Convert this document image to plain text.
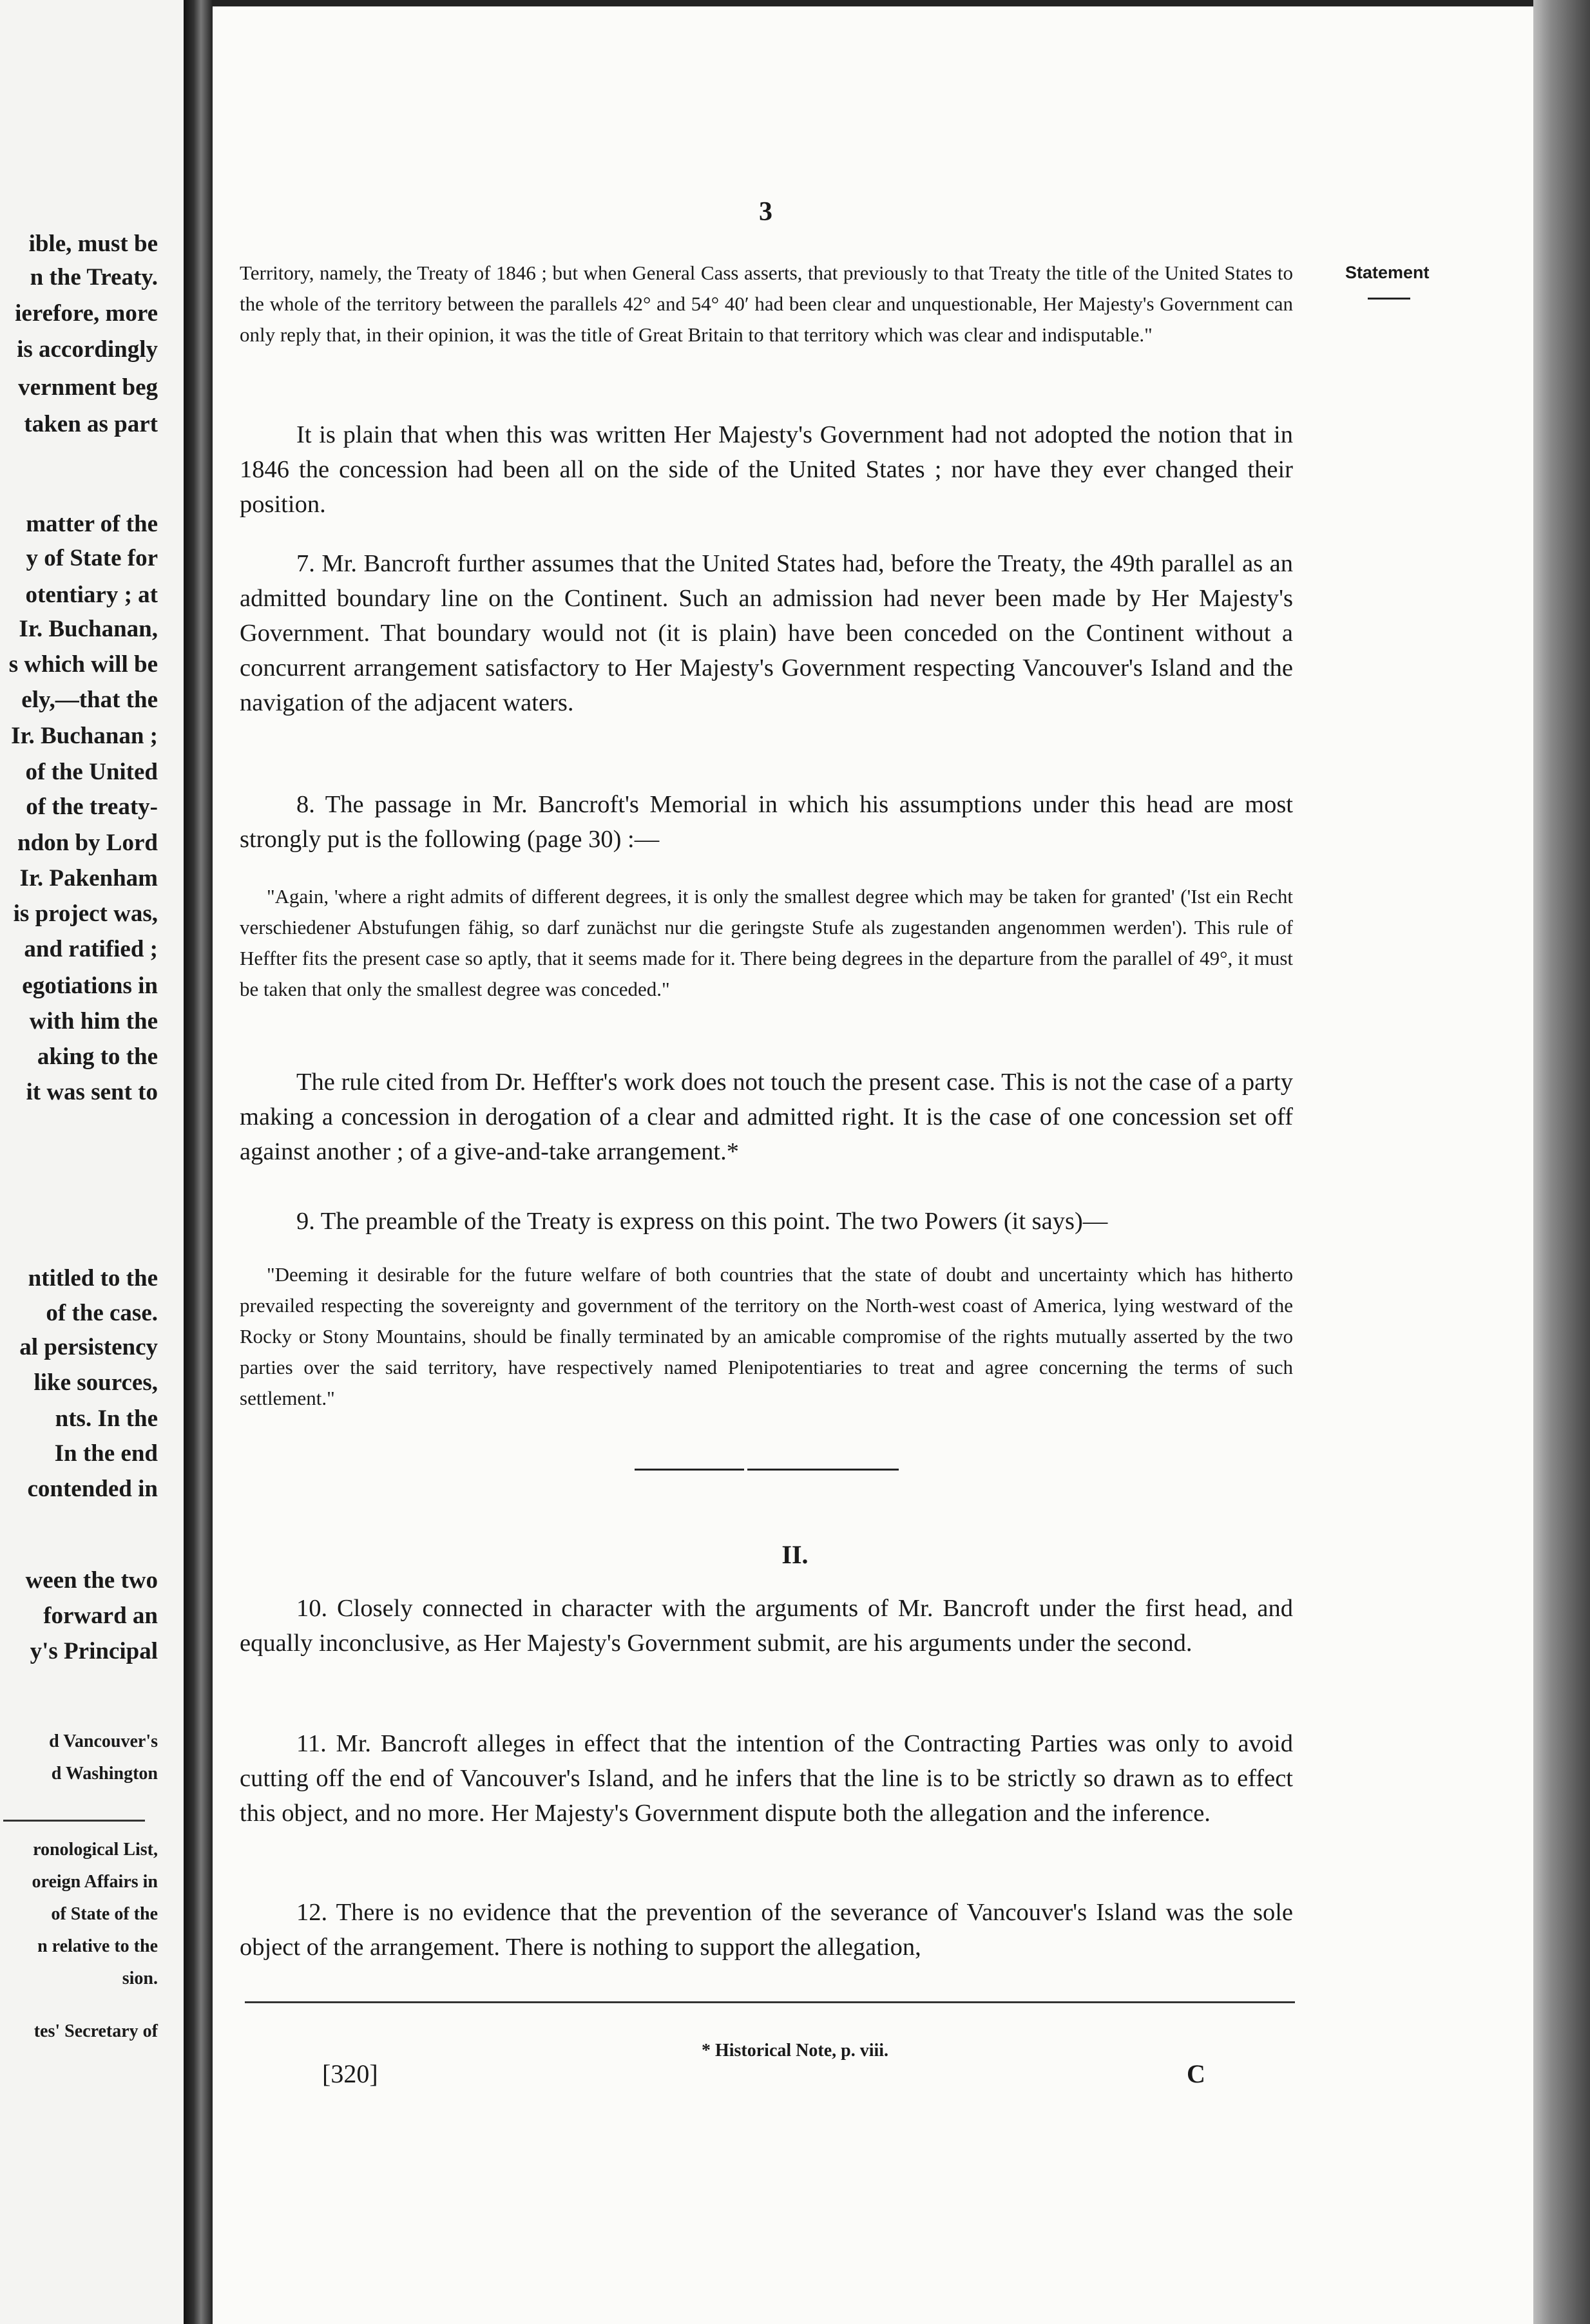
ible, must be
n the Treaty.
ierefore, more
is accordingly
vernment beg
taken as part
matter of the
y of State for
otentiary ; at
Ir. Buchanan,
s which will be
ely,—that the
Ir. Buchanan ;
of the United
of the treaty-
ndon by Lord
Ir. Pakenham
is project was,
and ratified ;
egotiations in
with him the
aking to the
it was sent to
ntitled to the
of the case.
al persistency
like sources,
nts. In the
In the end
contended in
ween the two
forward an
y's Principal
d Vancouver's
d Washington
ronological List,
oreign Affairs in
of State of the
n relative to the
sion.
tes' Secretary of
3
Statement

Territory, namely, the Treaty of 1846 ; but when General Cass asserts, that previously to that Treaty the title of the United States to the whole of the territory between the parallels 42° and 54° 40′ had been clear and unquestionable, Her Majesty's Government can only reply that, in their opinion, it was the title of Great Britain to that territory which was clear and indisputable."

It is plain that when this was written Her Majesty's Government had not adopted the notion that in 1846 the concession had been all on the side of the United States ; nor have they ever changed their position.

7. Mr. Bancroft further assumes that the United States had, before the Treaty, the 49th parallel as an admitted boundary line on the Continent. Such an admission had never been made by Her Majesty's Government. That boundary would not (it is plain) have been conceded on the Continent without a concurrent arrangement satisfactory to Her Majesty's Government respecting Vancouver's Island and the navigation of the adjacent waters.

8. The passage in Mr. Bancroft's Memorial in which his assumptions under this head are most strongly put is the following (page 30) :—

"Again, 'where a right admits of different degrees, it is only the smallest degree which may be taken for granted' ('Ist ein Recht verschiedener Abstufungen fähig, so darf zunächst nur die geringste Stufe als zugestanden angenommen werden'). This rule of Heffter fits the present case so aptly, that it seems made for it. There being degrees in the departure from the parallel of 49°, it must be taken that only the smallest degree was conceded."

The rule cited from Dr. Heffter's work does not touch the present case. This is not the case of a party making a concession in derogation of a clear and admitted right. It is the case of one concession set off against another ; of a give-and-take arrangement.*

9. The preamble of the Treaty is express on this point. The two Powers (it says)—

"Deeming it desirable for the future welfare of both countries that the state of doubt and uncertainty which has hitherto prevailed respecting the sovereignty and government of the territory on the North-west coast of America, lying westward of the Rocky or Stony Mountains, should be finally terminated by an amicable compromise of the rights mutually asserted by the two parties over the said territory, have respectively named Plenipotentiaries to treat and agree concerning the terms of such settlement."

II.

10. Closely connected in character with the arguments of Mr. Bancroft under the first head, and equally inconclusive, as Her Majesty's Government submit, are his arguments under the second.

11. Mr. Bancroft alleges in effect that the intention of the Contracting Parties was only to avoid cutting off the end of Vancouver's Island, and he infers that the line is to be strictly so drawn as to effect this object, and no more. Her Majesty's Government dispute both the allegation and the inference.

12. There is no evidence that the prevention of the severance of Vancouver's Island was the sole object of the arrangement. There is nothing to support the allegation,

* Historical Note, p. viii.
[320]	C
